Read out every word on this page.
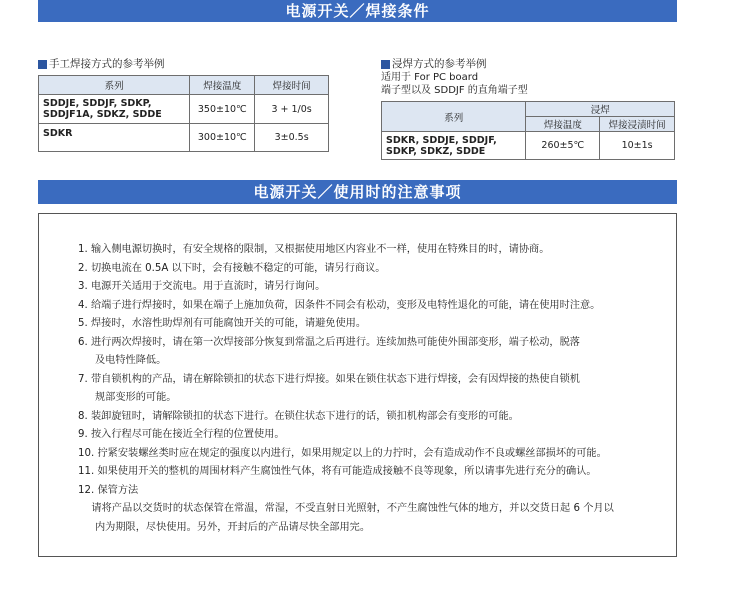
电源开关／焊接条件
手工焊接方式的参考举例
系列	焊接温度	焊接时间
SDDJE, SDDJF, SDKP,
SDDJF1A, SDKZ, SDDE	350±10℃	3 + 1/0s
SDKR	300±10℃	3±0.5s
浸焊方式的参考举例
适用于 For PC board
端子型以及 SDDJF 的直角端子型
系列	浸焊	
	焊接温度	焊接浸渍时间
SDKR, SDDJE, SDDJF,
SDKP, SDKZ, SDDE	260±5℃	10±1s
电源开关／使用时的注意事项
1. 输入侧电源切换时，有安全规格的限制，又根据使用地区内容业不一样，使用在特殊目的时，请协商。
2. 切换电流在 0.5A 以下时，会有接触不稳定的可能，请另行商议。
3. 电源开关适用于交流电。用于直流时，请另行询问。
4. 给端子进行焊接时，如果在端子上施加负荷，因条件不同会有松动，变形及电特性退化的可能，请在使用时注意。
5. 焊接时，水溶性助焊剂有可能腐蚀开关的可能，请避免使用。
6. 进行两次焊接时，请在第一次焊接部分恢复到常温之后再进行。连续加热可能使外围部变形，端子松动，脱落
及电特性降低。
7. 带自锁机构的产品，请在解除锁扣的状态下进行焊接。如果在锁住状态下进行焊接，会有因焊接的热使自锁机
规部变形的可能。
8. 装卸旋钮时，请解除锁扣的状态下进行。在锁住状态下进行的话，锁扣机构部会有变形的可能。
9. 按入行程尽可能在接近全行程的位置使用。
10. 拧紧安装螺丝类时应在规定的强度以内进行，如果用规定以上的力拧时，会有造成动作不良或螺丝部损坏的可能。
11. 如果使用开关的整机的周围材料产生腐蚀性气体，将有可能造成接触不良等现象，所以请事先进行充分的确认。
12. 保管方法
　 请将产品以交货时的状态保管在常温，常湿，不受直射日光照射，不产生腐蚀性气体的地方，并以交货日起 6 个月以
内为期限，尽快使用。另外，开封后的产品请尽快全部用完。
